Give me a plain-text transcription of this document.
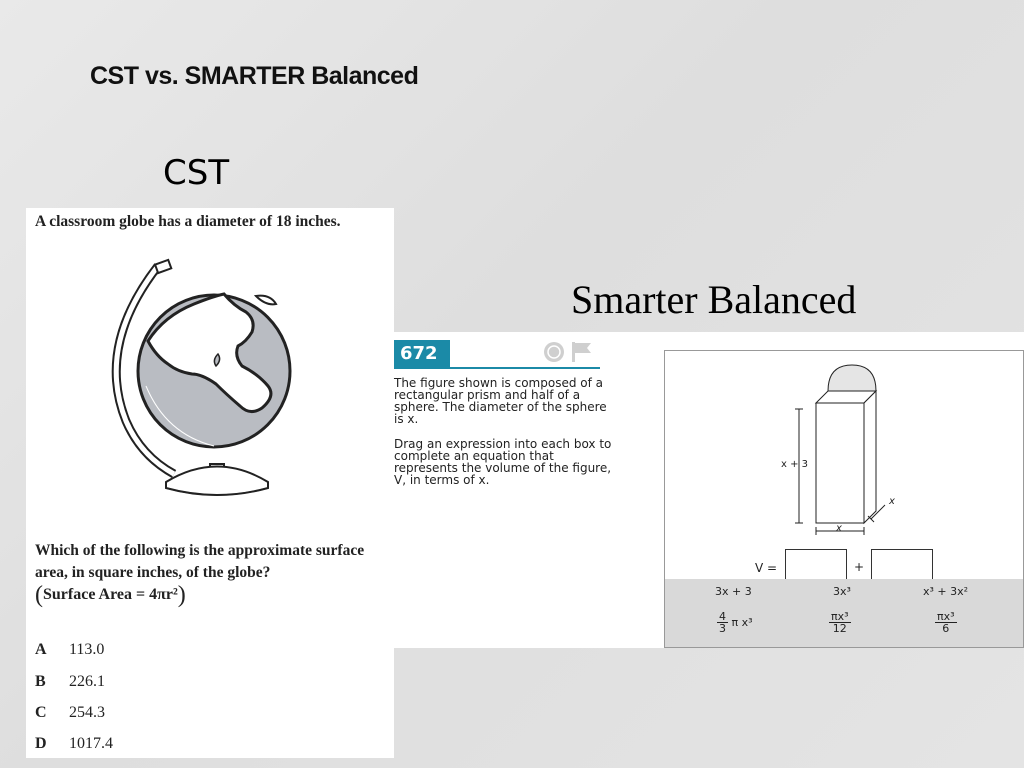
CST vs. SMARTER Balanced
CST
Smarter Balanced
A classroom globe has a diameter of 18 inches.
Which of the following is the approximate surface area, in square inches, of the globe?
(Surface Area = 4πr²)
A 113.0
B 226.1
C 254.3
D 1017.4
672
The figure shown is composed of a rectangular prism and half of a sphere. The diameter of the sphere is x.
Drag an expression into each box to complete an equation that represents the volume of the figure, V, in terms of x.
x + 3
x
x
V =	+
3x + 3	3x³	x³ + 3x²
$\frac{4}{3}$ π x³	$\frac{\text{πx³}}{12}$	$\frac{\text{πx³}}{6}$
